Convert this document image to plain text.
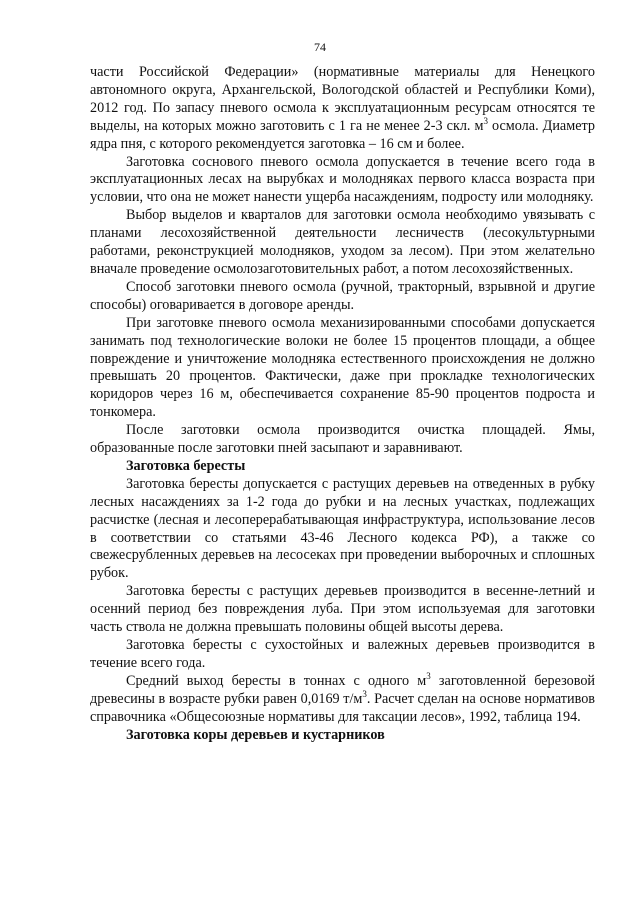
74

части Российской Федерации» (нормативные материалы для Ненецкого автономного округа, Архангельской, Вологодской областей и Республики Коми), 2012 год. По запасу пневого осмола к эксплуатационным ресурсам относятся те выделы, на которых можно заготовить с 1 га не менее 2-3 скл. $м^3$ осмола. Диаметр ядра пня, с которого рекомендуется заготовка – 16 см и более.

Заготовка соснового пневого осмола допускается в течение всего года в эксплуатационных лесах на вырубках и молодняках первого класса возраста при условии, что она не может нанести ущерба насаждениям, подросту или молодняку.

Выбор выделов и кварталов для заготовки осмола необходимо увязывать с планами лесохозяйственной деятельности лесничеств (лесокультурными работами, реконструкцией молодняков, уходом за лесом). При этом желательно вначале проведение осмолозаготовительных работ, а потом лесохозяйственных.

Способ заготовки пневого осмола (ручной, тракторный, взрывной и другие способы) оговаривается в договоре аренды.

При заготовке пневого осмола механизированными способами допускается занимать под технологические волоки не более 15 процентов площади, а общее повреждение и уничтожение молодняка естественного происхождения не должно превышать 20 процентов. Фактически, даже при прокладке технологических коридоров через 16 м, обеспечивается сохранение 85-90 процентов подроста и тонкомера.

После заготовки осмола производится очистка площадей. Ямы, образованные после заготовки пней засыпают и заравнивают.

Заготовка бересты

Заготовка бересты допускается с растущих деревьев на отведенных в рубку лесных насаждениях за 1-2 года до рубки и на лесных участках, подлежащих расчистке (лесная и лесоперерабатывающая инфраструктура, использование лесов в соответствии со статьями 43-46 Лесного кодекса РФ), а также со свежесрубленных деревьев на лесосеках при проведении выборочных и сплошных рубок.

Заготовка бересты с растущих деревьев производится в весенне-летний и осенний период без повреждения луба. При этом используемая для заготовки часть ствола не должна превышать половины общей высоты дерева.

Заготовка бересты с сухостойных и валежных деревьев производится в течение всего года.

Средний выход бересты в тоннах с одного $м^3$ заготовленной березовой древесины в возрасте рубки равен 0,0169 $т/м^3$. Расчет сделан на основе нормативов справочника «Общесоюзные нормативы для таксации лесов», 1992, таблица 194.

Заготовка коры деревьев и кустарников
